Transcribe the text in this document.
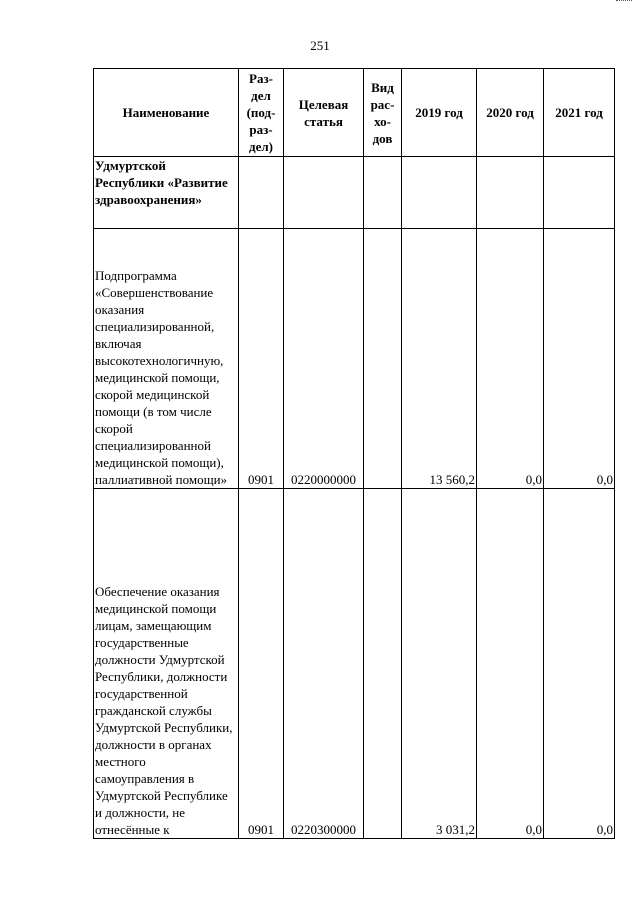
251
Наименование	Раз-
дел
(под-
раз-
дел)	Целевая
статья	Вид
рас-
хо-
дов	2019 год	2020 год	2021 год
Удмуртской Республики «Развитие здравоохранения»						
Подпрограмма «Совершенствование оказания специализированной, включая высокотехнологичную, медицинской помощи, скорой медицинской помощи (в том числе скорой специализированной медицинской помощи), паллиативной помощи»	0901	0220000000		13 560,2	0,0	0,0
Обеспечение оказания медицинской помощи лицам, замещающим государственные должности Удмуртской Республики, должности государственной гражданской службы Удмуртской Республики, должности в органах местного самоуправления в Удмуртской Республике и должности, не отнесённые к	0901	0220300000		3 031,2	0,0	0,0
